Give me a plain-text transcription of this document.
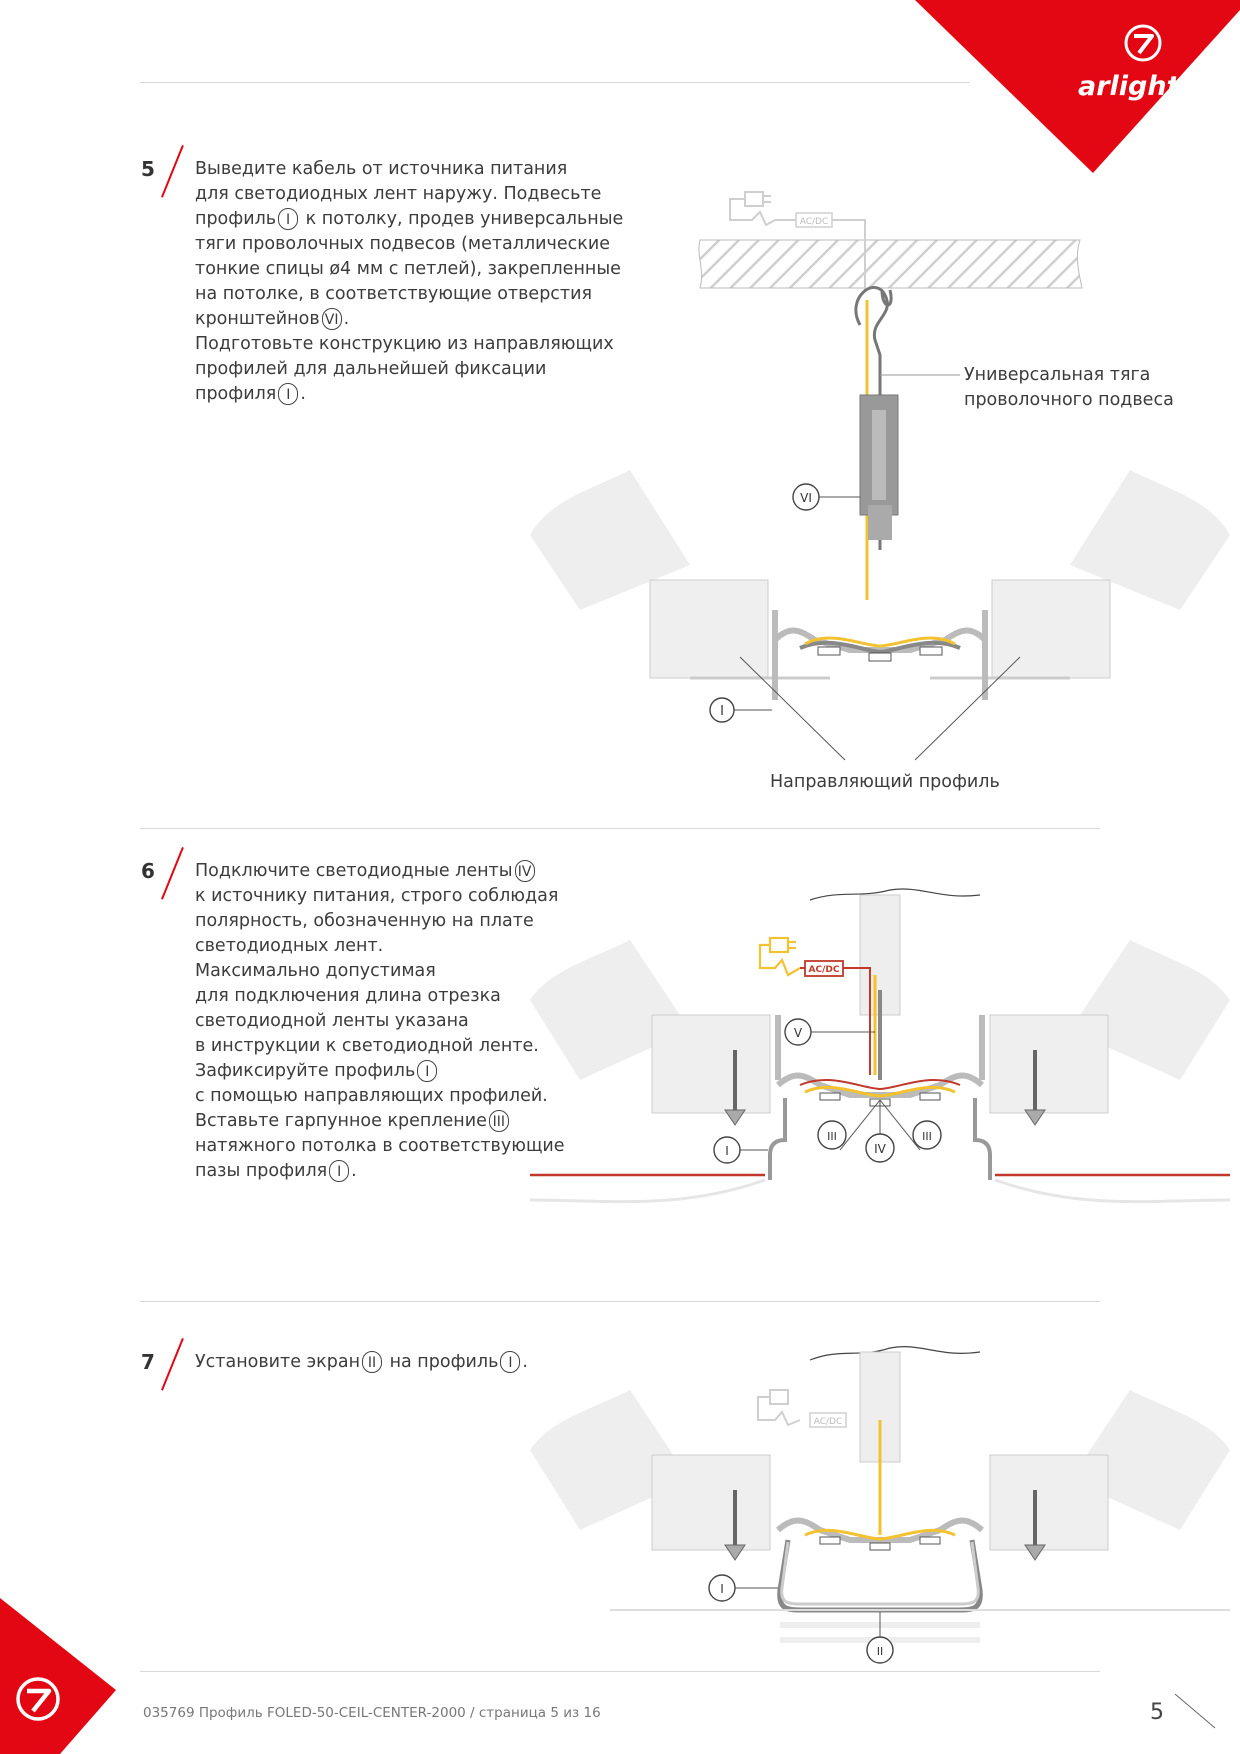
arlight
5 Выведите кабель от источника питания
для светодиодных лент наружу. Подвесьте
профиль I к потолку, продев универсальные
тяги проволочных подвесов (металлические
тонкие спицы ø4 мм с петлей), закрепленные
на потолке, в соответствующие отверстия
кронштейнов VI .
Подготовьте конструкцию из направляющих
профилей для дальнейшей фиксации
профиля I .
AC/DC
I
VI
Универсальная тяга
проволочного подвеса
Направляющий профиль
6 Подключите светодиодные ленты IV
к источнику питания, строго соблюдая
полярность, обозначенную на плате
светодиодных лент.
Максимально допустимая
для подключения длина отрезка
светодиодной ленты указана
в инструкции к светодиодной ленте.
Зафиксируйте профиль I
с помощью направляющих профилей.
Вставьте гарпунное крепление III
натяжного потолка в соответствующие
пазы профиля I .
AC/DC
IV
V
I
III	III
7 Установите экран II на профиль I .
AC/DC
I
II
035769 Профиль FOLED-50-CEIL-CENTER-2000 / страница 5 из 16	5
